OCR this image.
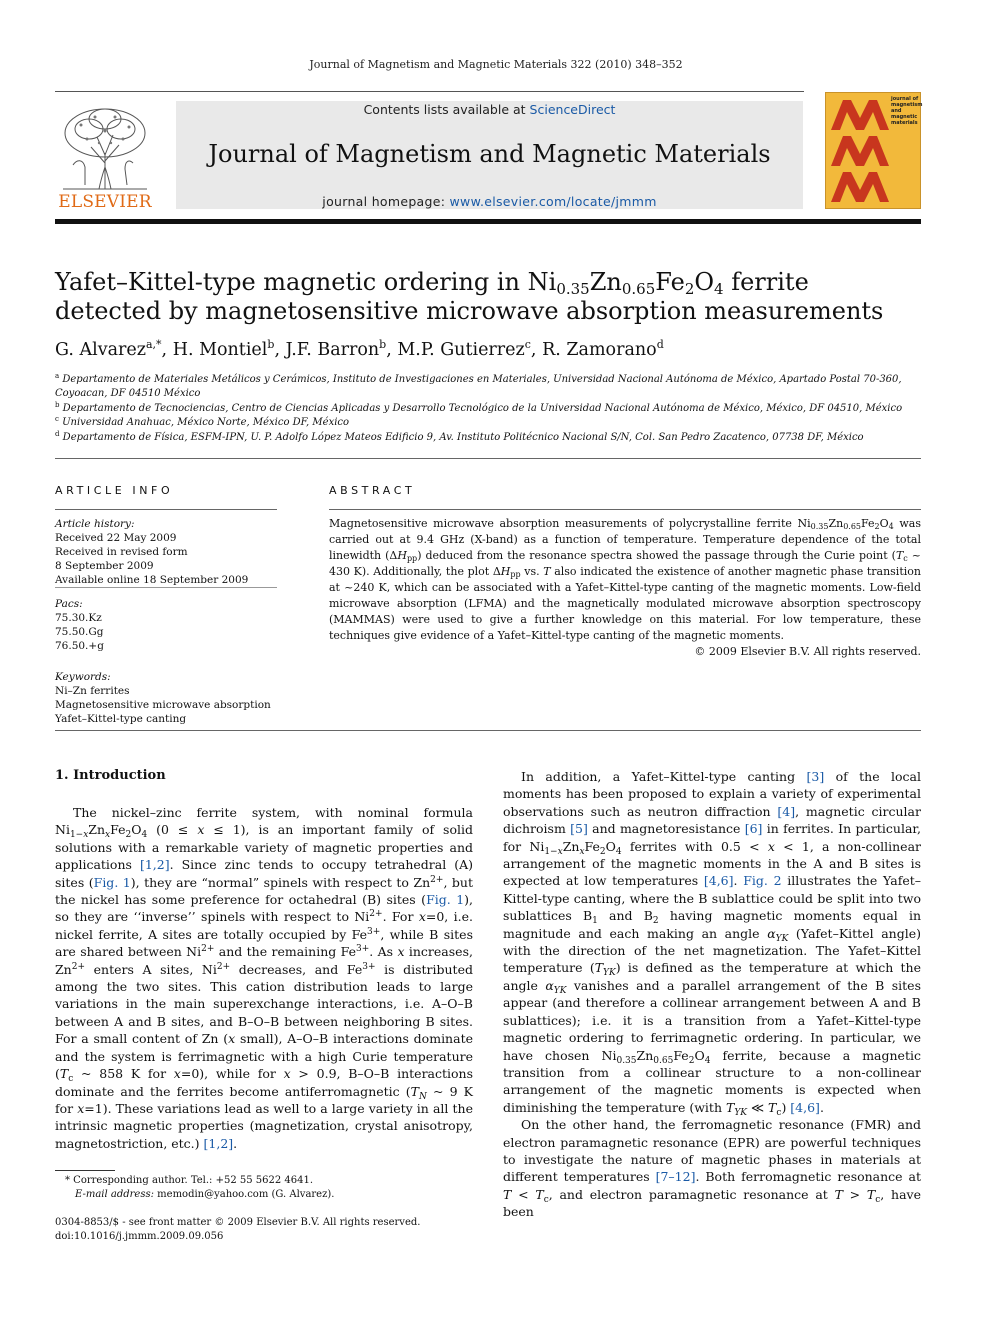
Journal of Magnetism and Magnetic Materials 322 (2010) 348–352
ELSEVIER
Contents lists available at ScienceDirect
Journal of Magnetism and Magnetic Materials
journal homepage: www.elsevier.com/locate/jmmm
journal of
magnetism
and
magnetic
materials
Yafet–Kittel-type magnetic ordering in $Ni_{0.35}Zn_{0.65}Fe_2O_4$ ferrite detected by magnetosensitive microwave absorption measurements
G. Alvarez$^{a,*}$, H. Montiel$^b$, J.F. Barron$^b$, M.P. Gutierrez$^c$, R. Zamorano$^d$

$^a$ Departamento de Materiales Metálicos y Cerámicos, Instituto de Investigaciones en Materiales, Universidad Nacional Autónoma de México, Apartado Postal 70-360, Coyoacan, DF 04510 México

$^b$ Departamento de Tecnociencias, Centro de Ciencias Aplicadas y Desarrollo Tecnológico de la Universidad Nacional Autónoma de México, México, DF 04510, México

$^c$ Universidad Anahuac, México Norte, México DF, México

$^d$ Departamento de Física, ESFM-IPN, U. P. Adolfo López Mateos Edificio 9, Av. Instituto Politécnico Nacional S/N, Col. San Pedro Zacatenco, 07738 DF, México

ARTICLE INFO	ABSTRACT
Article history:
Received 22 May 2009
Received in revised form
8 September 2009
Available online 18 September 2009
Pacs:
75.30.Kz
75.50.Gg
76.50.+g
Keywords:
Ni–Zn ferrites
Magnetosensitive microwave absorption
Yafet–Kittel-type canting
Magnetosensitive microwave absorption measurements of polycrystalline ferrite $Ni_{0.35}Zn_{0.65}Fe_2O_4$ was carried out at 9.4 GHz (X-band) as a function of temperature. Temperature dependence of the total linewidth $(\Delta H_{pp})$ deduced from the resonance spectra showed the passage through the Curie point ($T_c$ ~ 430 K). Additionally, the plot $\Delta H_{pp}$ vs. T also indicated the existence of another magnetic phase transition at ~240 K, which can be associated with a Yafet–Kittel-type canting of the magnetic moments. Low-field microwave absorption (LFMA) and the magnetically modulated microwave absorption spectroscopy (MAMMAS) were used to give a further knowledge on this material. For low temperature, these techniques give evidence of a Yafet–Kittel-type canting of the magnetic moments.
© 2009 Elsevier B.V. All rights reserved.
1. Introduction

The nickel–zinc ferrite system, with nominal formula $Ni_{1-x}Zn_xFe_2O_4$ (0 ≤ x ≤ 1), is an important family of solid solutions with a remarkable variety of magnetic properties and applications [1,2]. Since zinc tends to occupy tetrahedral (A) sites (Fig. 1), they are “normal” spinels with respect to $Zn^{2+}$, but the nickel has some preference for octahedral (B) sites (Fig. 1), so they are ‘‘inverse’’ spinels with respect to $Ni^{2+}$. For x=0, i.e. nickel ferrite, A sites are totally occupied by $Fe^{3+}$, while B sites are shared between $Ni^{2+}$ and the remaining $Fe^{3+}$. As x increases, $Zn^{2+}$ enters A sites, $Ni^{2+}$ decreases, and $Fe^{3+}$ is distributed among the two sites. This cation distribution leads to large variations in the main superexchange interactions, i.e. A–O–B between A and B sites, and B–O–B between neighboring B sites. For a small content of Zn (x small), A–O–B interactions dominate and the system is ferrimagnetic with a high Curie temperature ($T_c$ ~ 858 K for x=0), while for x > 0.9, B–O–B interactions dominate and the ferrites become antiferromagnetic ($T_N$ ~ 9 K for x=1). These variations lead as well to a large variety in all the intrinsic magnetic properties (magnetization, crystal anisotropy, magnetostriction, etc.) [1,2].

In addition, a Yafet–Kittel-type canting [3] of the local moments has been proposed to explain a variety of experimental observations such as neutron diffraction [4], magnetic circular dichroism [5] and magnetoresistance [6] in ferrites. In particular, for $Ni_{1-x}Zn_xFe_2O_4$ ferrites with 0.5 < x < 1, a non-collinear arrangement of the magnetic moments in the A and B sites is expected at low temperatures [4,6]. Fig. 2 illustrates the Yafet–Kittel-type canting, where the B sublattice could be split into two sublattices $B_1$ and $B_2$ having magnetic moments equal in magnitude and each making an angle $\alpha_{YK}$ (Yafet–Kittel angle) with the direction of the net magnetization. The Yafet–Kittel temperature $(T_{YK})$ is defined as the temperature at which the angle $\alpha_{YK}$ vanishes and a parallel arrangement of the B sites appear (and therefore a collinear arrangement between A and B sublattices); i.e. it is a transition from a Yafet–Kittel-type magnetic ordering to ferrimagnetic ordering. In particular, we have chosen $Ni_{0.35}Zn_{0.65}Fe_2O_4$ ferrite, because a magnetic transition from a collinear structure to a non-collinear arrangement of the magnetic moments is expected when diminishing the temperature (with $T_{YK}$ ≪ $T_c$) [4,6].

On the other hand, the ferromagnetic resonance (FMR) and electron paramagnetic resonance (EPR) are powerful techniques to investigate the nature of magnetic phases in materials at different temperatures [7–12]. Both ferromagnetic resonance at $T < T_c$, and electron paramagnetic resonance at $T > T_c$, have been

* Corresponding author. Tel.: +52 55 5622 4641.
E-mail address: memodin@yahoo.com (G. Alvarez).
0304-8853/$ - see front matter © 2009 Elsevier B.V. All rights reserved.
doi:10.1016/j.jmmm.2009.09.056
